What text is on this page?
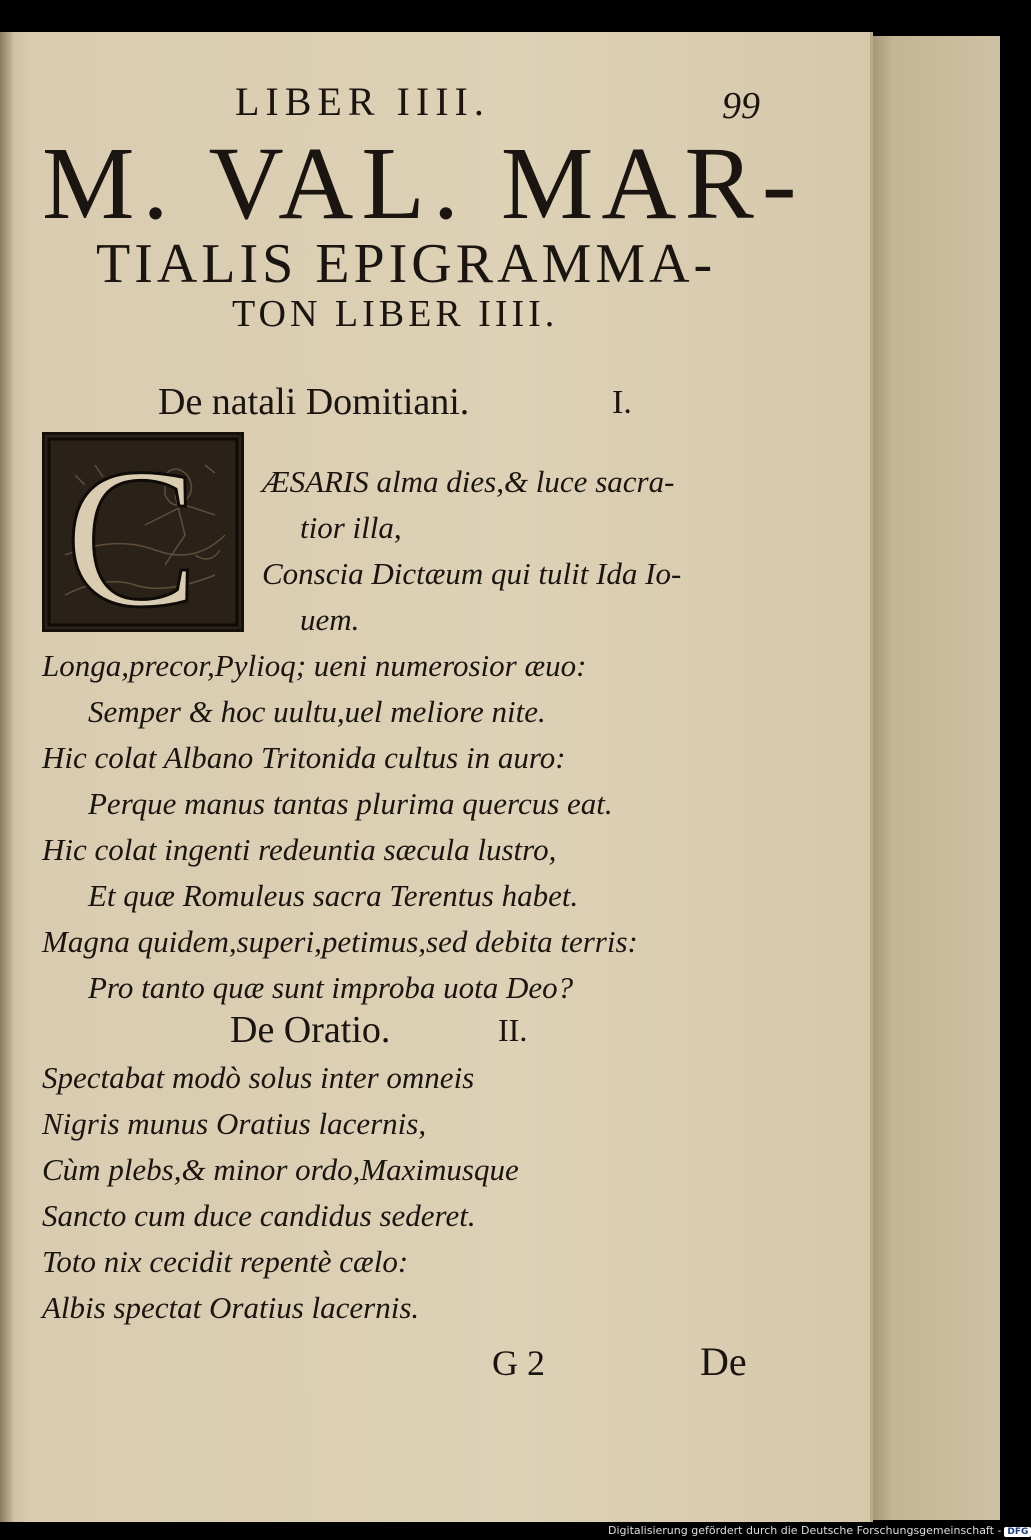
LIBER IIII.	99
M. VAL. MAR-
TIALIS EPIGRAMMA-
TON LIBER IIII.
De natali Domitiani.	I.
C ÆSARIS alma dies,& luce sacra-
tior illa,
Conscia Dictæum qui tulit Ida Io-
uem.
Longa,precor,Pylioq; ueni numerosior æuo:
Semper & hoc uultu,uel meliore nite.
Hic colat Albano Tritonida cultus in auro:
Perque manus tantas plurima quercus eat.
Hic colat ingenti redeuntia sæcula lustro,
Et quæ Romuleus sacra Terentus habet.
Magna quidem,superi,petimus,sed debita terris:
Pro tanto quæ sunt improba uota Deo?
De Oratio.	II.
Spectabat modò solus inter omneis
Nigris munus Oratius lacernis,
Cùm plebs,& minor ordo,Maximusque
Sancto cum duce candidus sederet.
Toto nix cecidit repentè cælo:
Albis spectat Oratius lacernis.
G 2	De
Digitalisierung gefördert durch die Deutsche Forschungsgemeinschaft - DFG
